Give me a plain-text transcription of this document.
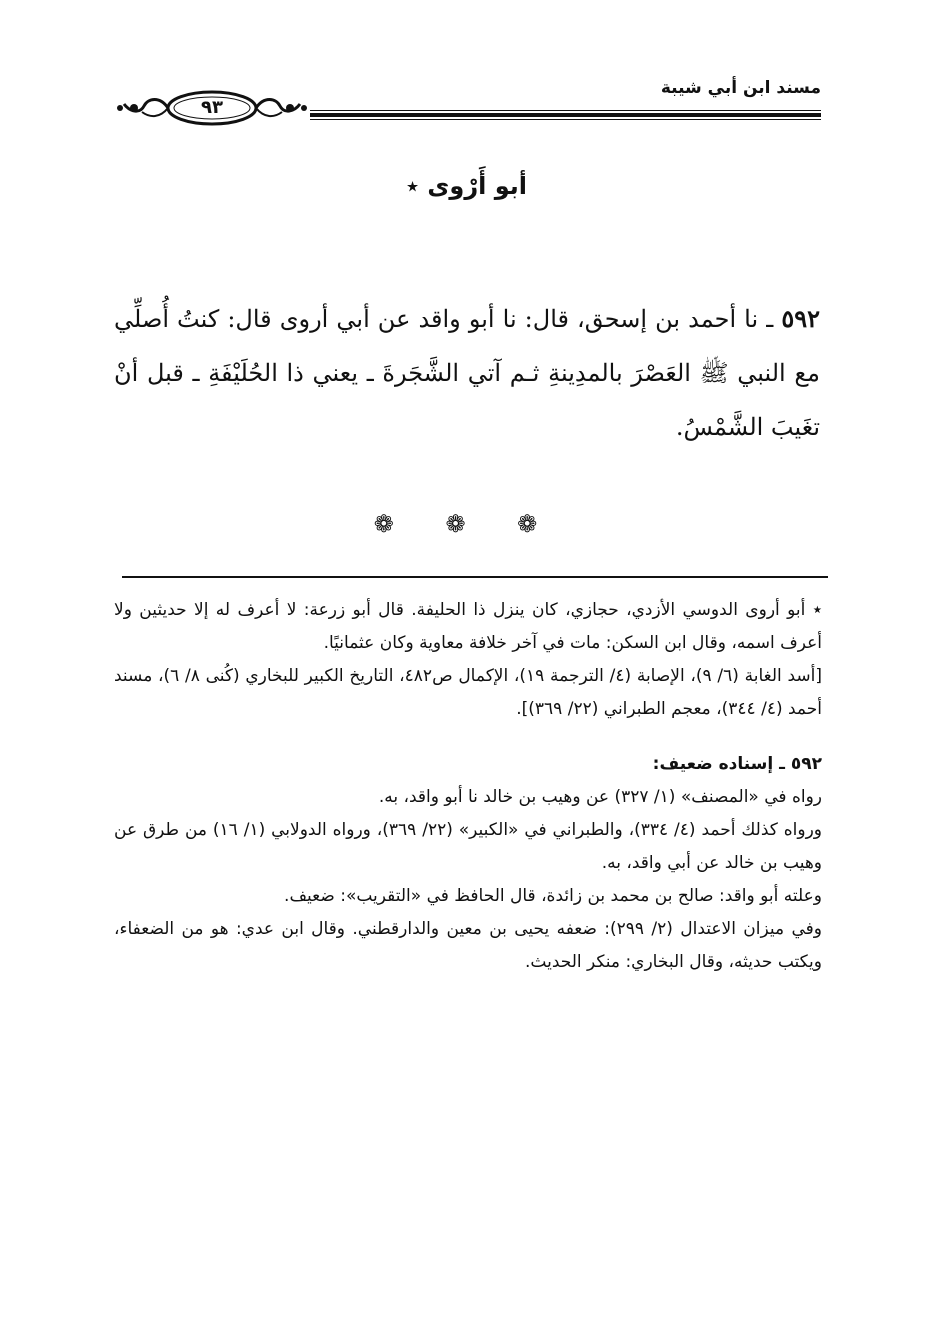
مسند ابن أبي شيبة
٩٣
أبو أَرْوى ٭
٥٩٢ ـ نا أحمد بن إسحق، قال: نا أبو واقد عن أبي أروى قال: كنتُ أُصلِّي مع النبي ﷺ العَصْرَ بالمدِينةِ ثـم آتي الشَّجَرةَ ـ يعني ذا الحُلَيْفَةِ ـ قبل أنْ تغَيبَ الشَّمْسُ.
❁ ❁ ❁

٭ أبو أروى الدوسي الأزدي، حجازي، كان ينزل ذا الحليفة. قال أبو زرعة: لا أعرف له إلا حديثين ولا أعرف اسمه، وقال ابن السكن: مات في آخر خلافة معاوية وكان عثمانيًا.

[أسد الغابة (٦/ ٩)، الإصابة (٤/ الترجمة ١٩)، الإكمال ص٤٨٢، التاريخ الكبير للبخاري (كُنى ٨/ ٦)، مسند أحمد (٤/ ٣٤٤)، معجم الطبراني (٢٢/ ٣٦٩)].

٥٩٢ ـ إسناده ضعيف:

رواه في «المصنف» (١/ ٣٢٧) عن وهيب بن خالد نا أبو واقد، به.

ورواه كذلك أحمد (٤/ ٣٣٤)، والطبراني في «الكبير» (٢٢/ ٣٦٩)، ورواه الدولابي (١/ ١٦) من طرق عن وهيب بن خالد عن أبي واقد، به.

وعلته أبو واقد: صالح بن محمد بن زائدة، قال الحافظ في «التقريب»: ضعيف.

وفي ميزان الاعتدال (٢/ ٢٩٩): ضعفه يحيى بن معين والدارقطني. وقال ابن عدي: هو من الضعفاء، ويكتب حديثه، وقال البخاري: منكر الحديث.
